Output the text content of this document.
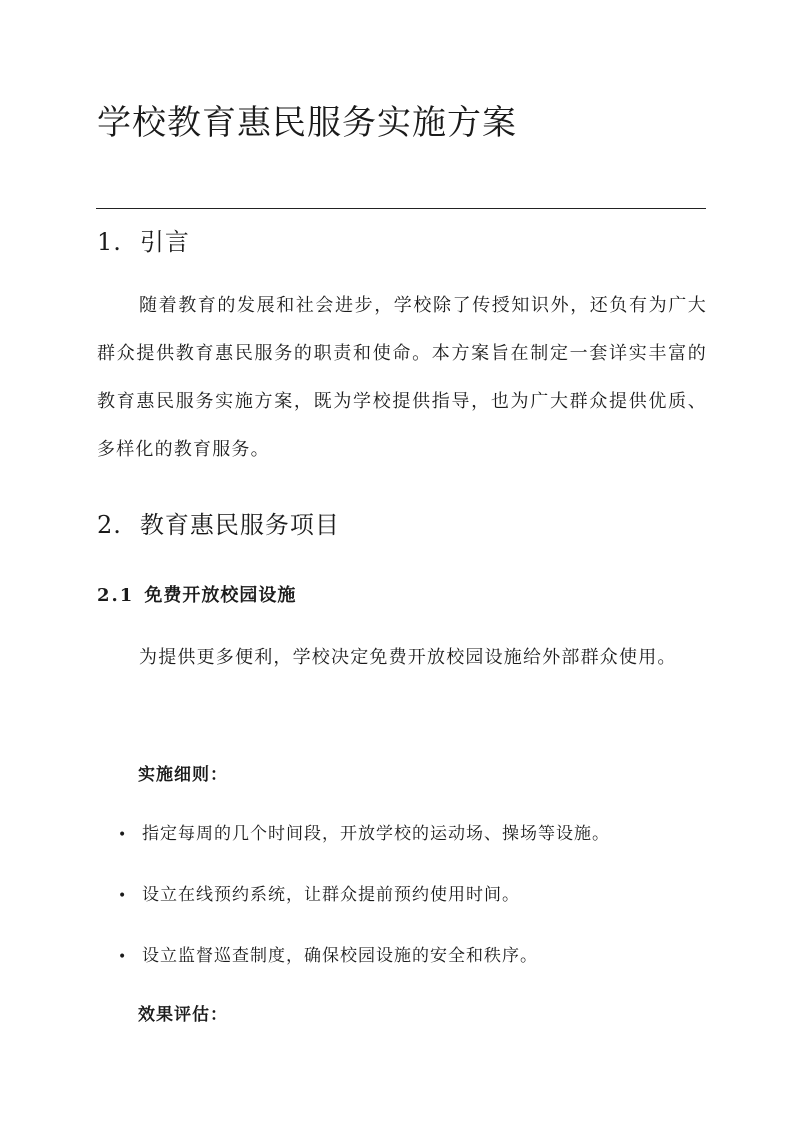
学校教育惠民服务实施方案
1. 引言

随着教育的发展和社会进步，学校除了传授知识外，还负有为广大群众提供教育惠民服务的职责和使命。本方案旨在制定一套详实丰富的教育惠民服务实施方案，既为学校提供指导，也为广大群众提供优质、多样化的教育服务。

2. 教育惠民服务项目
2.1 免费开放校园设施

为提供更多便利，学校决定免费开放校园设施给外部群众使用。

实施细则：

• 指定每周的几个时间段，开放学校的运动场、操场等设施。

• 设立在线预约系统，让群众提前预约使用时间。

• 设立监督巡查制度，确保校园设施的安全和秩序。

效果评估：
